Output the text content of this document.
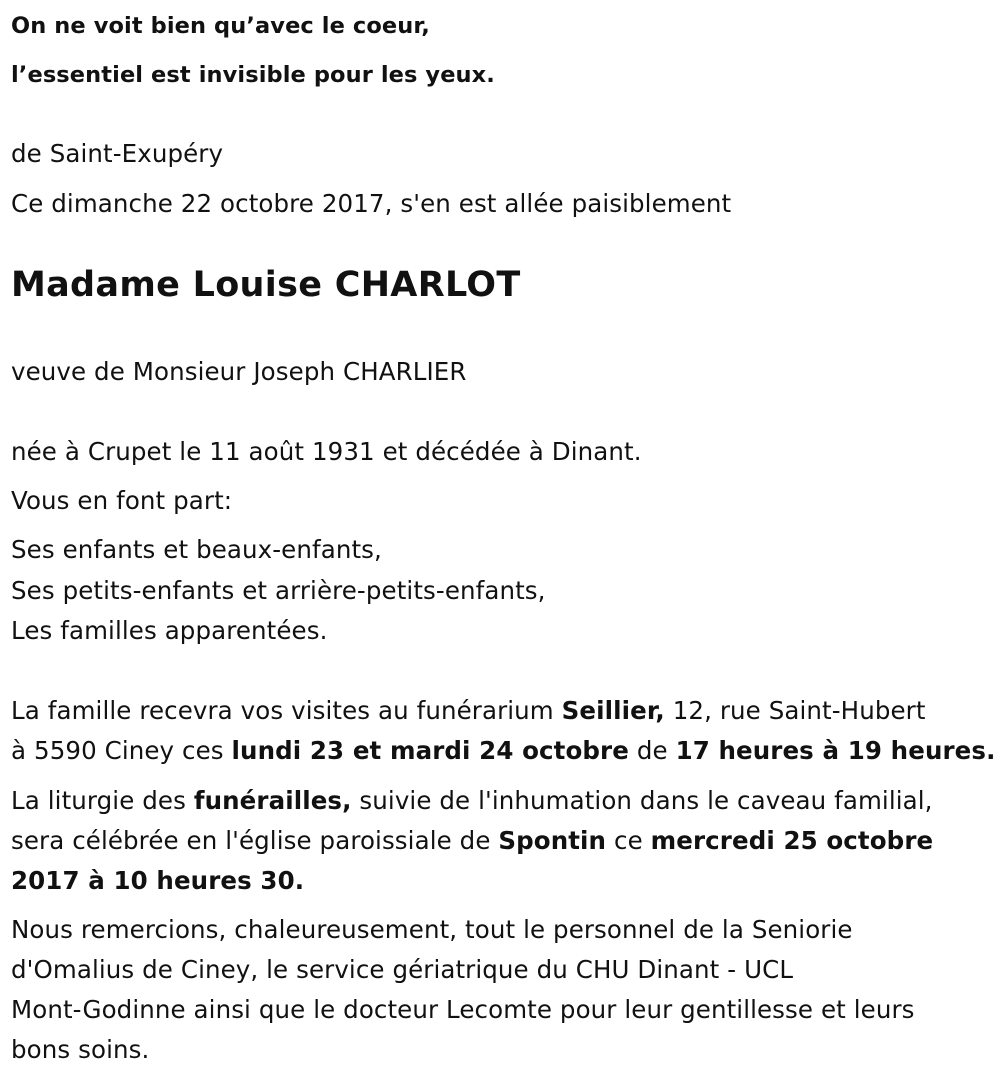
On ne voit bien qu’avec le coeur,
l’essentiel est invisible pour les yeux.
de Saint-Exupéry
Ce dimanche 22 octobre 2017, s'en est allée paisiblement
Madame Louise CHARLOT
veuve de Monsieur Joseph CHARLIER
née à Crupet le 11 août 1931 et décédée à Dinant.
Vous en font part:
Ses enfants et beaux-enfants,
Ses petits-enfants et arrière-petits-enfants,
Les familles apparentées.
La famille recevra vos visites au funérarium Seillier, 12, rue Saint-Hubert
à 5590 Ciney ces lundi 23 et mardi 24 octobre de 17 heures à 19 heures.
La liturgie des funérailles, suivie de l'inhumation dans le caveau familial,
sera célébrée en l'église paroissiale de Spontin ce mercredi 25 octobre
2017 à 10 heures 30.
Nous remercions, chaleureusement, tout le personnel de la Seniorie
d'Omalius de Ciney, le service gériatrique du CHU Dinant - UCL
Mont-Godinne ainsi que le docteur Lecomte pour leur gentillesse et leurs
bons soins.
